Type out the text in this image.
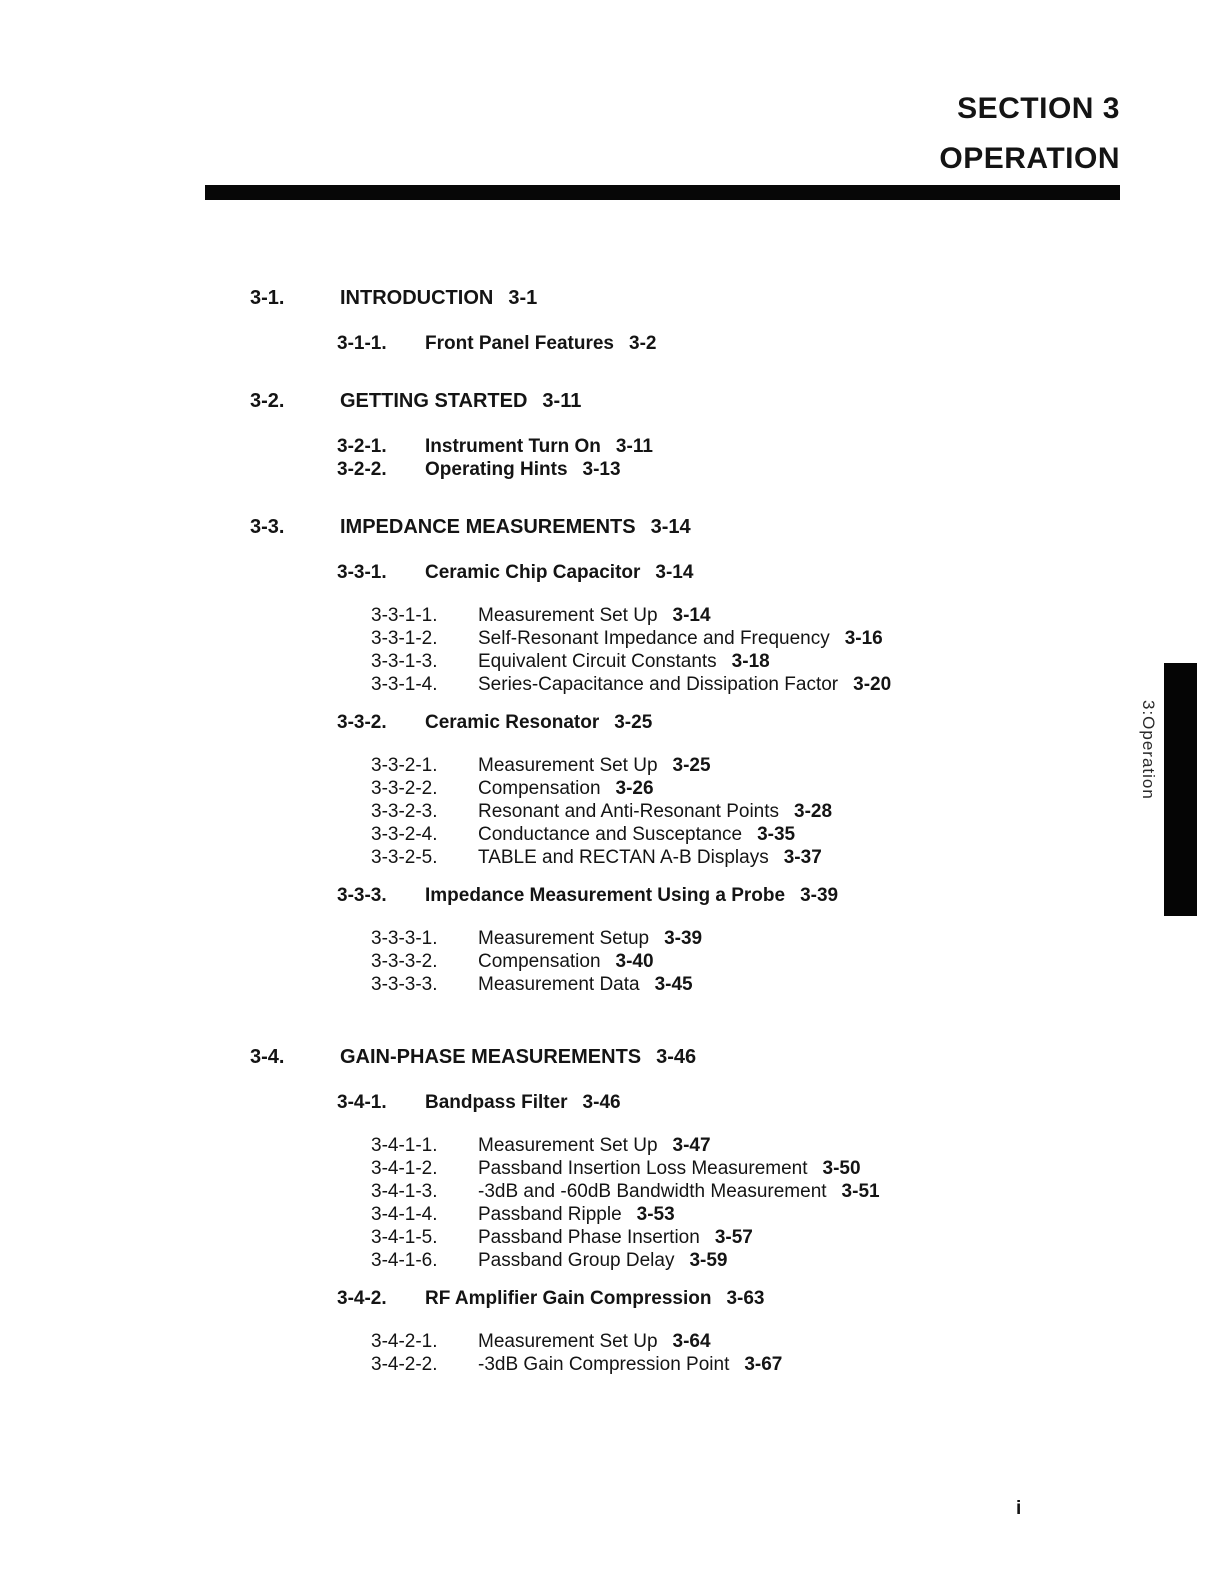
SECTION 3
OPERATION
3-1.	INTRODUCTION 3-1
3-1-1.	Front Panel Features 3-2
3-2.	GETTING STARTED 3-11
3-2-1.	Instrument Turn On 3-11
3-2-2.	Operating Hints 3-13
3-3.	IMPEDANCE MEASUREMENTS 3-14
3-3-1.	Ceramic Chip Capacitor 3-14
3-3-1-1.	Measurement Set Up 3-14
3-3-1-2.	Self-Resonant Impedance and Frequency 3-16
3-3-1-3.	Equivalent Circuit Constants 3-18
3-3-1-4.	Series-Capacitance and Dissipation Factor 3-20
3-3-2.	Ceramic Resonator 3-25
3-3-2-1.	Measurement Set Up 3-25
3-3-2-2.	Compensation 3-26
3-3-2-3.	Resonant and Anti-Resonant Points 3-28
3-3-2-4.	Conductance and Susceptance 3-35
3-3-2-5.	TABLE and RECTAN A-B Displays 3-37
3-3-3.	Impedance Measurement Using a Probe 3-39
3-3-3-1.	Measurement Setup 3-39
3-3-3-2.	Compensation 3-40
3-3-3-3.	Measurement Data 3-45
3-4.	GAIN-PHASE MEASUREMENTS 3-46
3-4-1.	Bandpass Filter 3-46
3-4-1-1.	Measurement Set Up 3-47
3-4-1-2.	Passband Insertion Loss Measurement 3-50
3-4-1-3.	-3dB and -60dB Bandwidth Measurement 3-51
3-4-1-4.	Passband Ripple 3-53
3-4-1-5.	Passband Phase Insertion 3-57
3-4-1-6.	Passband Group Delay 3-59
3-4-2.	RF Amplifier Gain Compression 3-63
3-4-2-1.	Measurement Set Up 3-64
3-4-2-2.	-3dB Gain Compression Point 3-67
3:Operation
i
